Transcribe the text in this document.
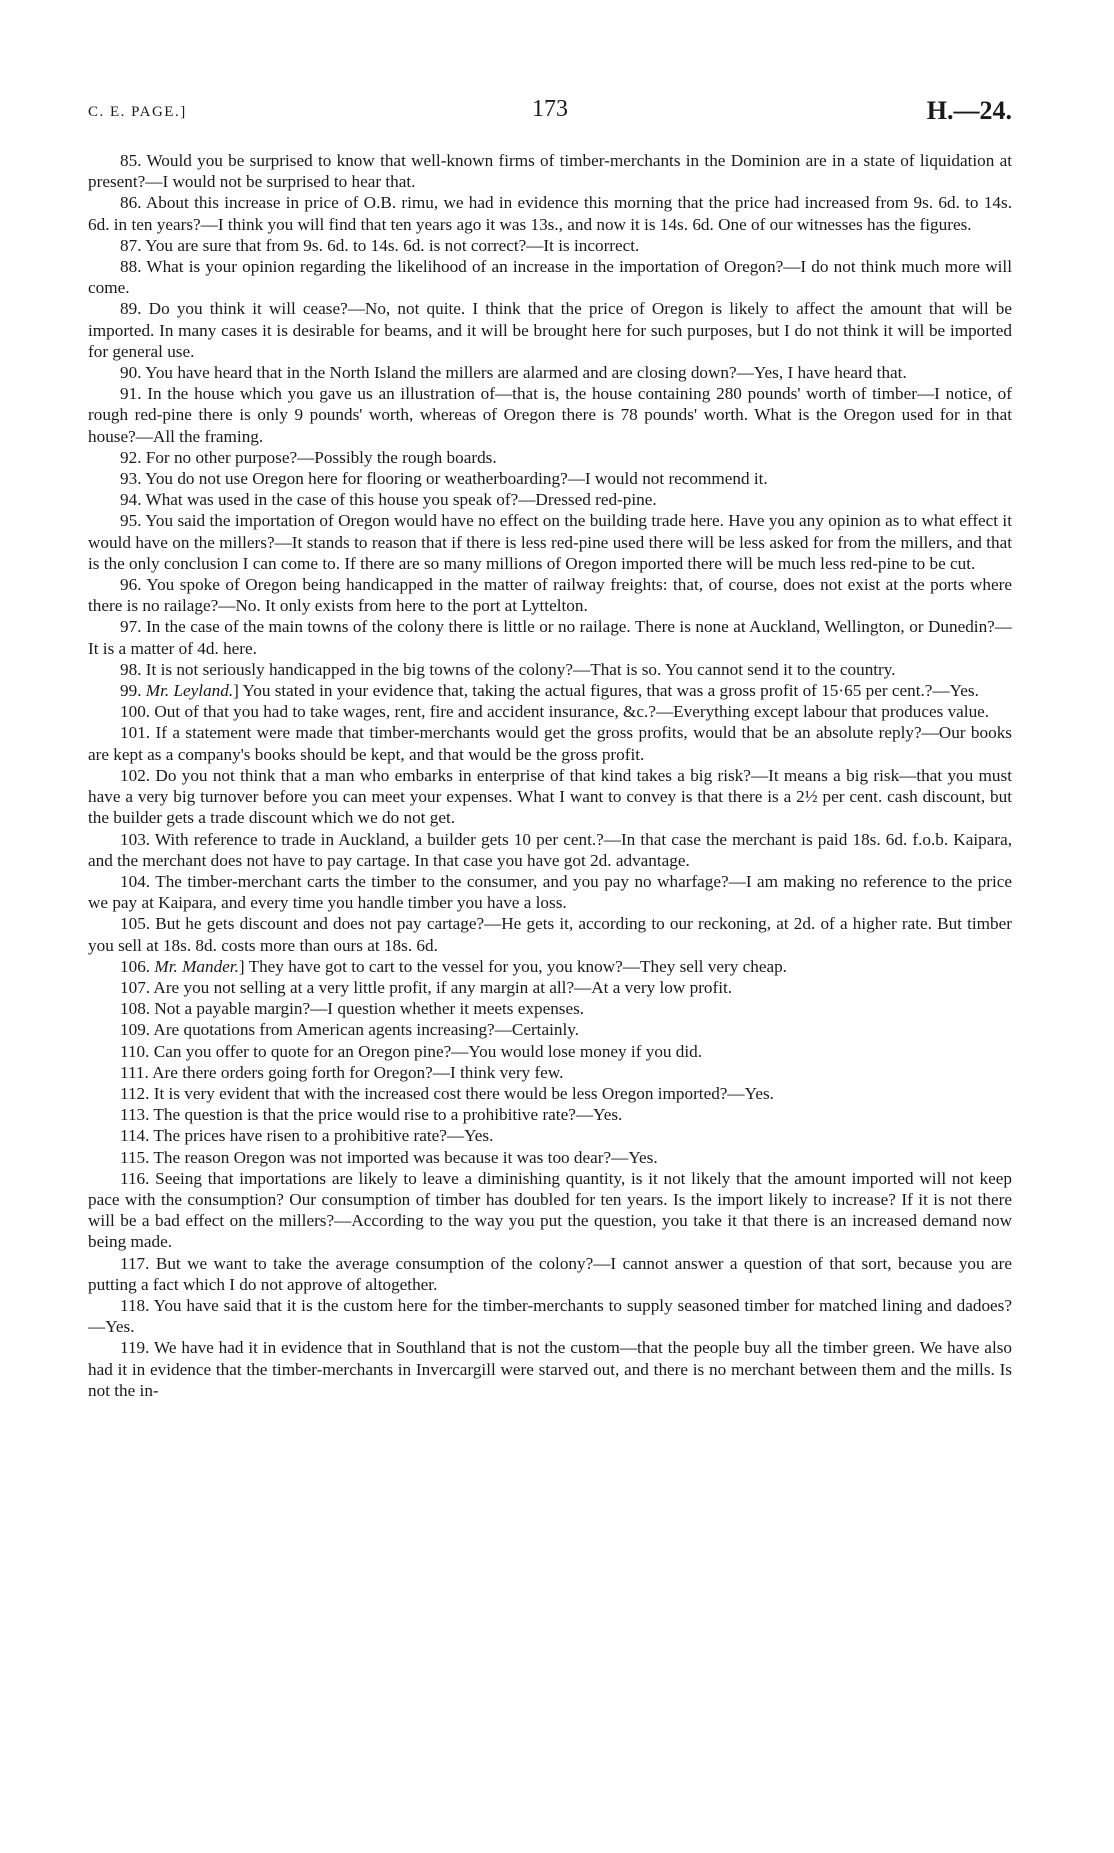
C. E. PAGE.]	173	H.—24.

85. Would you be surprised to know that well-known firms of timber-merchants in the Dominion are in a state of liquidation at present?—I would not be surprised to hear that.

86. About this increase in price of O.B. rimu, we had in evidence this morning that the price had increased from 9s. 6d. to 14s. 6d. in ten years?—I think you will find that ten years ago it was 13s., and now it is 14s. 6d. One of our witnesses has the figures.

87. You are sure that from 9s. 6d. to 14s. 6d. is not correct?—It is incorrect.

88. What is your opinion regarding the likelihood of an increase in the importation of Oregon?—I do not think much more will come.

89. Do you think it will cease?—No, not quite. I think that the price of Oregon is likely to affect the amount that will be imported. In many cases it is desirable for beams, and it will be brought here for such purposes, but I do not think it will be imported for general use.

90. You have heard that in the North Island the millers are alarmed and are closing down?—Yes, I have heard that.

91. In the house which you gave us an illustration of—that is, the house containing 280 pounds' worth of timber—I notice, of rough red-pine there is only 9 pounds' worth, whereas of Oregon there is 78 pounds' worth. What is the Oregon used for in that house?—All the framing.

92. For no other purpose?—Possibly the rough boards.

93. You do not use Oregon here for flooring or weatherboarding?—I would not recommend it.

94. What was used in the case of this house you speak of?—Dressed red-pine.

95. You said the importation of Oregon would have no effect on the building trade here. Have you any opinion as to what effect it would have on the millers?—It stands to reason that if there is less red-pine used there will be less asked for from the millers, and that is the only conclusion I can come to. If there are so many millions of Oregon imported there will be much less red-pine to be cut.

96. You spoke of Oregon being handicapped in the matter of railway freights: that, of course, does not exist at the ports where there is no railage?—No. It only exists from here to the port at Lyttelton.

97. In the case of the main towns of the colony there is little or no railage. There is none at Auckland, Wellington, or Dunedin?—It is a matter of 4d. here.

98. It is not seriously handicapped in the big towns of the colony?—That is so. You cannot send it to the country.

99. Mr. Leyland.] You stated in your evidence that, taking the actual figures, that was a gross profit of 15·65 per cent.?—Yes.

100. Out of that you had to take wages, rent, fire and accident insurance, &c.?—Everything except labour that produces value.

101. If a statement were made that timber-merchants would get the gross profits, would that be an absolute reply?—Our books are kept as a company's books should be kept, and that would be the gross profit.

102. Do you not think that a man who embarks in enterprise of that kind takes a big risk?—It means a big risk—that you must have a very big turnover before you can meet your expenses. What I want to convey is that there is a 2½ per cent. cash discount, but the builder gets a trade discount which we do not get.

103. With reference to trade in Auckland, a builder gets 10 per cent.?—In that case the merchant is paid 18s. 6d. f.o.b. Kaipara, and the merchant does not have to pay cartage. In that case you have got 2d. advantage.

104. The timber-merchant carts the timber to the consumer, and you pay no wharfage?—I am making no reference to the price we pay at Kaipara, and every time you handle timber you have a loss.

105. But he gets discount and does not pay cartage?—He gets it, according to our reckoning, at 2d. of a higher rate. But timber you sell at 18s. 8d. costs more than ours at 18s. 6d.

106. Mr. Mander.] They have got to cart to the vessel for you, you know?—They sell very cheap.

107. Are you not selling at a very little profit, if any margin at all?—At a very low profit.

108. Not a payable margin?—I question whether it meets expenses.

109. Are quotations from American agents increasing?—Certainly.

110. Can you offer to quote for an Oregon pine?—You would lose money if you did.

111. Are there orders going forth for Oregon?—I think very few.

112. It is very evident that with the increased cost there would be less Oregon imported?—Yes.

113. The question is that the price would rise to a prohibitive rate?—Yes.

114. The prices have risen to a prohibitive rate?—Yes.

115. The reason Oregon was not imported was because it was too dear?—Yes.

116. Seeing that importations are likely to leave a diminishing quantity, is it not likely that the amount imported will not keep pace with the consumption? Our consumption of timber has doubled for ten years. Is the import likely to increase? If it is not there will be a bad effect on the millers?—According to the way you put the question, you take it that there is an increased demand now being made.

117. But we want to take the average consumption of the colony?—I cannot answer a question of that sort, because you are putting a fact which I do not approve of altogether.

118. You have said that it is the custom here for the timber-merchants to supply seasoned timber for matched lining and dadoes?—Yes.

119. We have had it in evidence that in Southland that is not the custom—that the people buy all the timber green. We have also had it in evidence that the timber-merchants in Invercargill were starved out, and there is no merchant between them and the mills. Is not the in-
